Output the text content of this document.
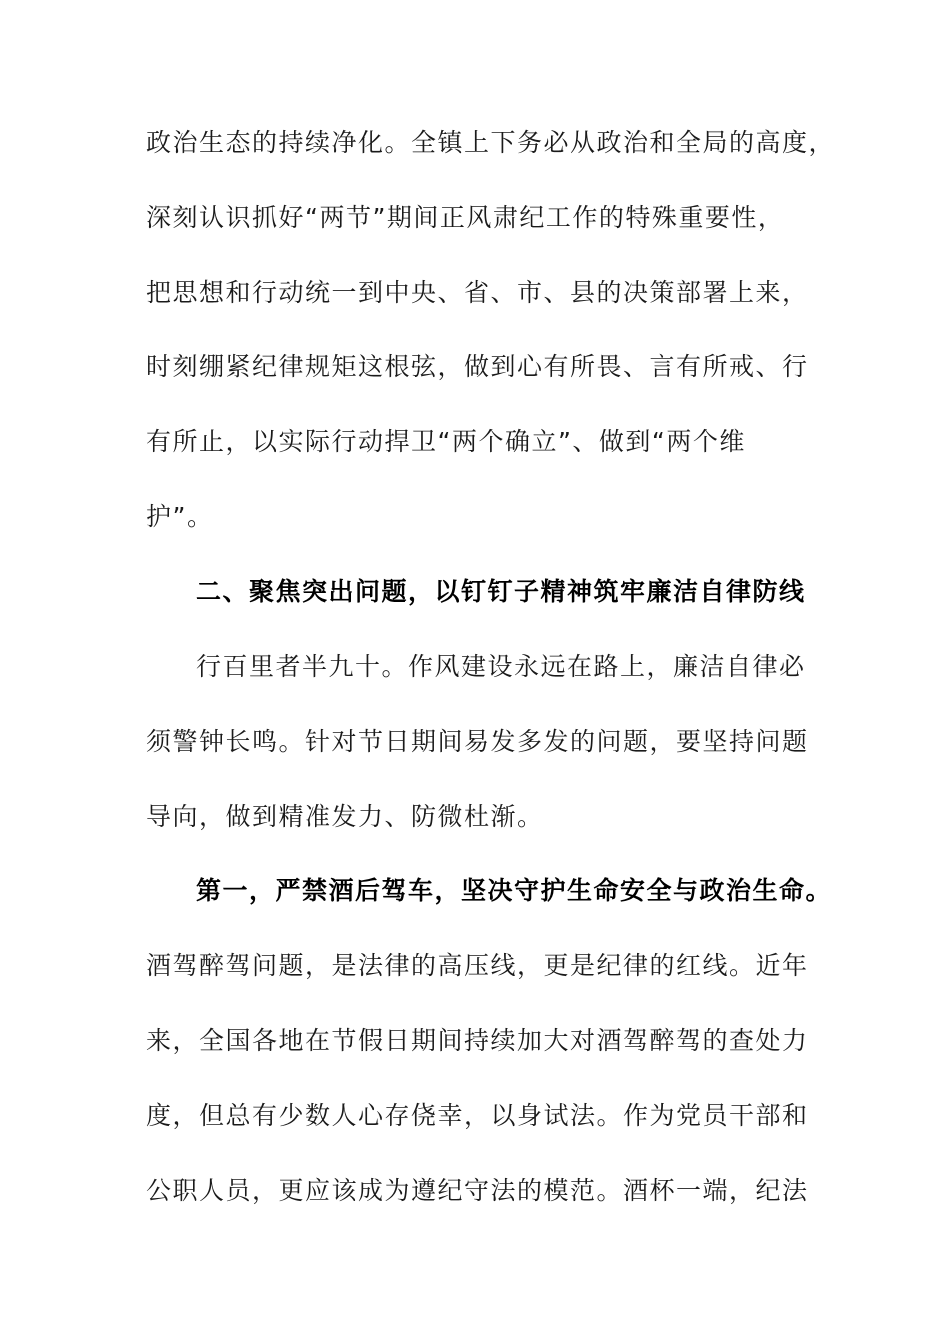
政治生态的持续净化。全镇上下务必从政治和全局的高度，
深刻认识抓好“两节”期间正风肃纪工作的特殊重要性，
把思想和行动统一到中央、省、市、县的决策部署上来，
时刻绷紧纪律规矩这根弦，做到心有所畏、言有所戒、行
有所止，以实际行动捍卫“两个确立”、做到“两个维
护”。
二、聚焦突出问题，以钉钉子精神筑牢廉洁自律防线
行百里者半九十。作风建设永远在路上，廉洁自律必
须警钟长鸣。针对节日期间易发多发的问题，要坚持问题
导向，做到精准发力、防微杜渐。
第一，严禁酒后驾车，坚决守护生命安全与政治生命。
酒驾醉驾问题，是法律的高压线，更是纪律的红线。近年
来，全国各地在节假日期间持续加大对酒驾醉驾的查处力
度，但总有少数人心存侥幸，以身试法。作为党员干部和
公职人员，更应该成为遵纪守法的模范。酒杯一端，纪法
